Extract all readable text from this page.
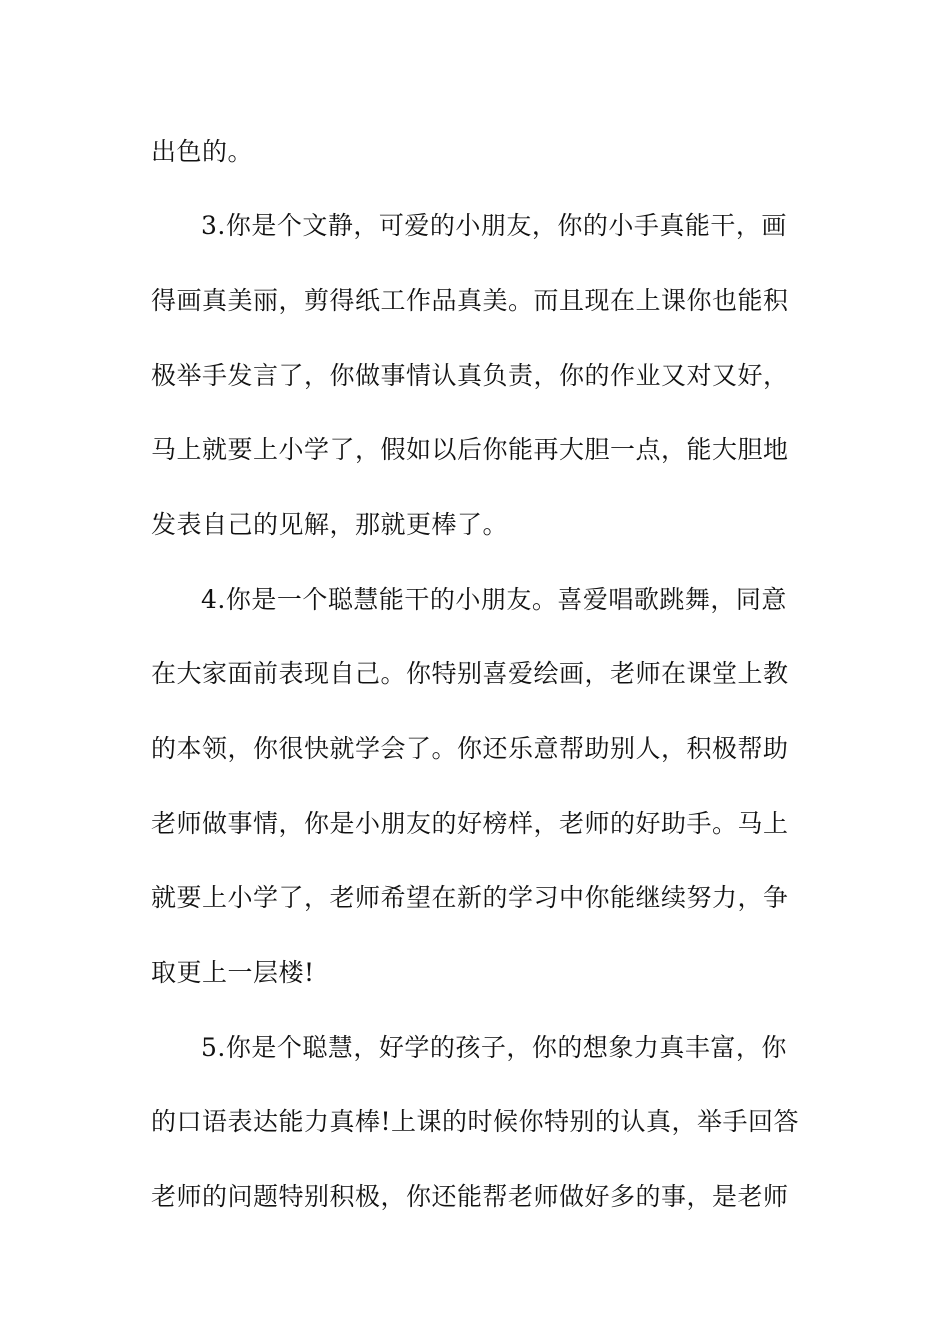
出色的。
3.你是个文静，可爱的小朋友，你的小手真能干，画
得画真美丽，剪得纸工作品真美。而且现在上课你也能积
极举手发言了，你做事情认真负责，你的作业又对又好，
马上就要上小学了，假如以后你能再大胆一点，能大胆地
发表自己的见解，那就更棒了。
4.你是一个聪慧能干的小朋友。喜爱唱歌跳舞，同意
在大家面前表现自己。你特别喜爱绘画，老师在课堂上教
的本领，你很快就学会了。你还乐意帮助别人，积极帮助
老师做事情，你是小朋友的好榜样，老师的好助手。马上
就要上小学了，老师希望在新的学习中你能继续努力，争
取更上一层楼!
5.你是个聪慧，好学的孩子，你的想象力真丰富，你
的口语表达能力真棒!上课的时候你特别的认真，举手回答
老师的问题特别积极，你还能帮老师做好多的事，是老师
